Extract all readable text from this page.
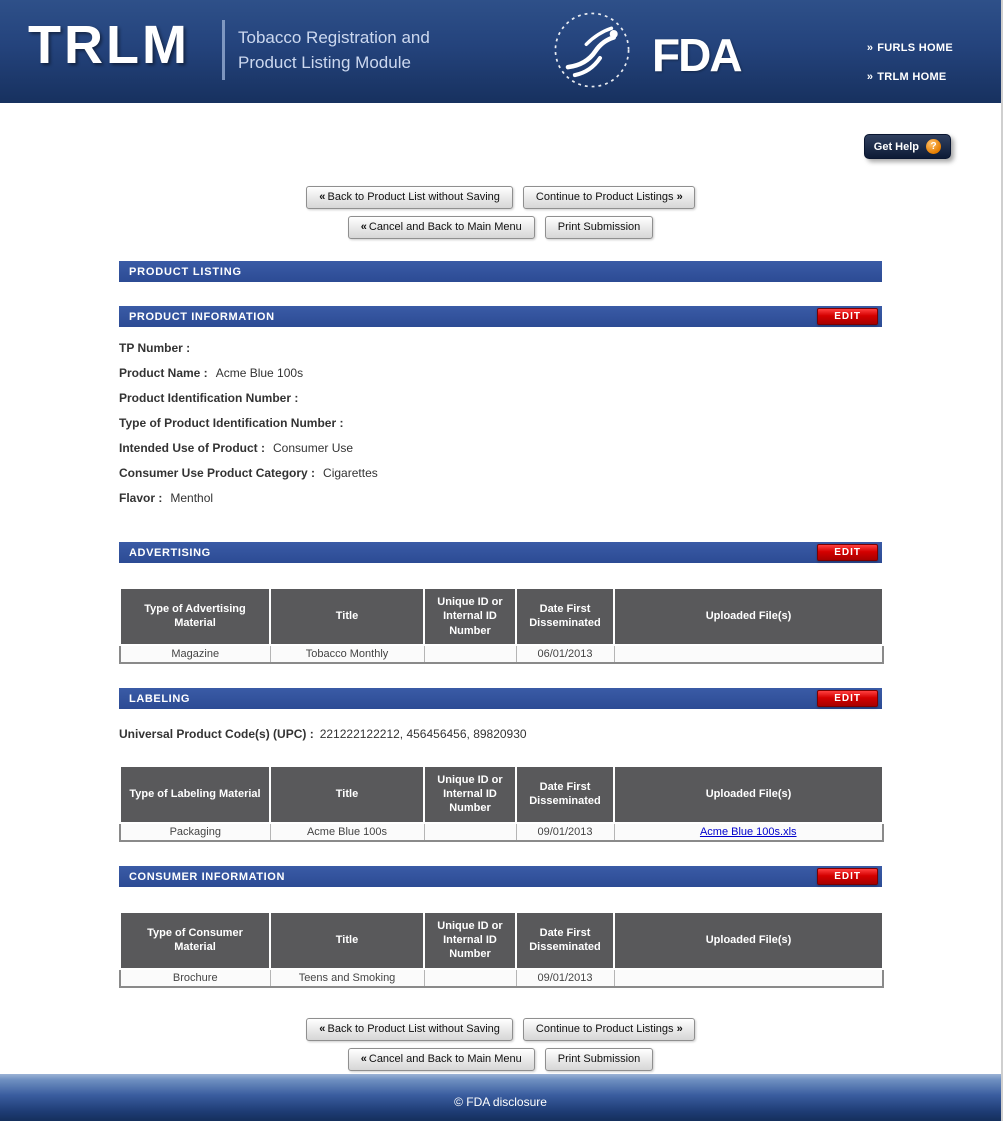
TRLM	Tobacco Registration and
Product Listing Module	FDA	» FURLS HOME
» TRLM HOME
Get Help	?
« Back to Product List without Saving	Continue to Product Listings »
« Cancel and Back to Main Menu	Print Submission
PRODUCT LISTING
PRODUCT INFORMATION	EDIT
TP Number :
Product Name : Acme Blue 100s
Product Identification Number :
Type of Product Identification Number :
Intended Use of Product : Consumer Use
Consumer Use Product Category : Cigarettes
Flavor : Menthol
ADVERTISING	EDIT
Type of Advertising Material	Title	Unique ID or Internal ID Number	Date First Disseminated	Uploaded File(s)
Magazine	Tobacco Monthly		06/01/2013	
LABELING	EDIT
Universal Product Code(s) (UPC) : 221222122212, 456456456, 89820930
Type of Labeling Material	Title	Unique ID or Internal ID Number	Date First Disseminated	Uploaded File(s)
Packaging	Acme Blue 100s		09/01/2013	Acme Blue 100s.xls
CONSUMER INFORMATION	EDIT
Type of Consumer Material	Title	Unique ID or Internal ID Number	Date First Disseminated	Uploaded File(s)
Brochure	Teens and Smoking		09/01/2013	
« Back to Product List without Saving	Continue to Product Listings »
« Cancel and Back to Main Menu	Print Submission
© FDA disclosure
